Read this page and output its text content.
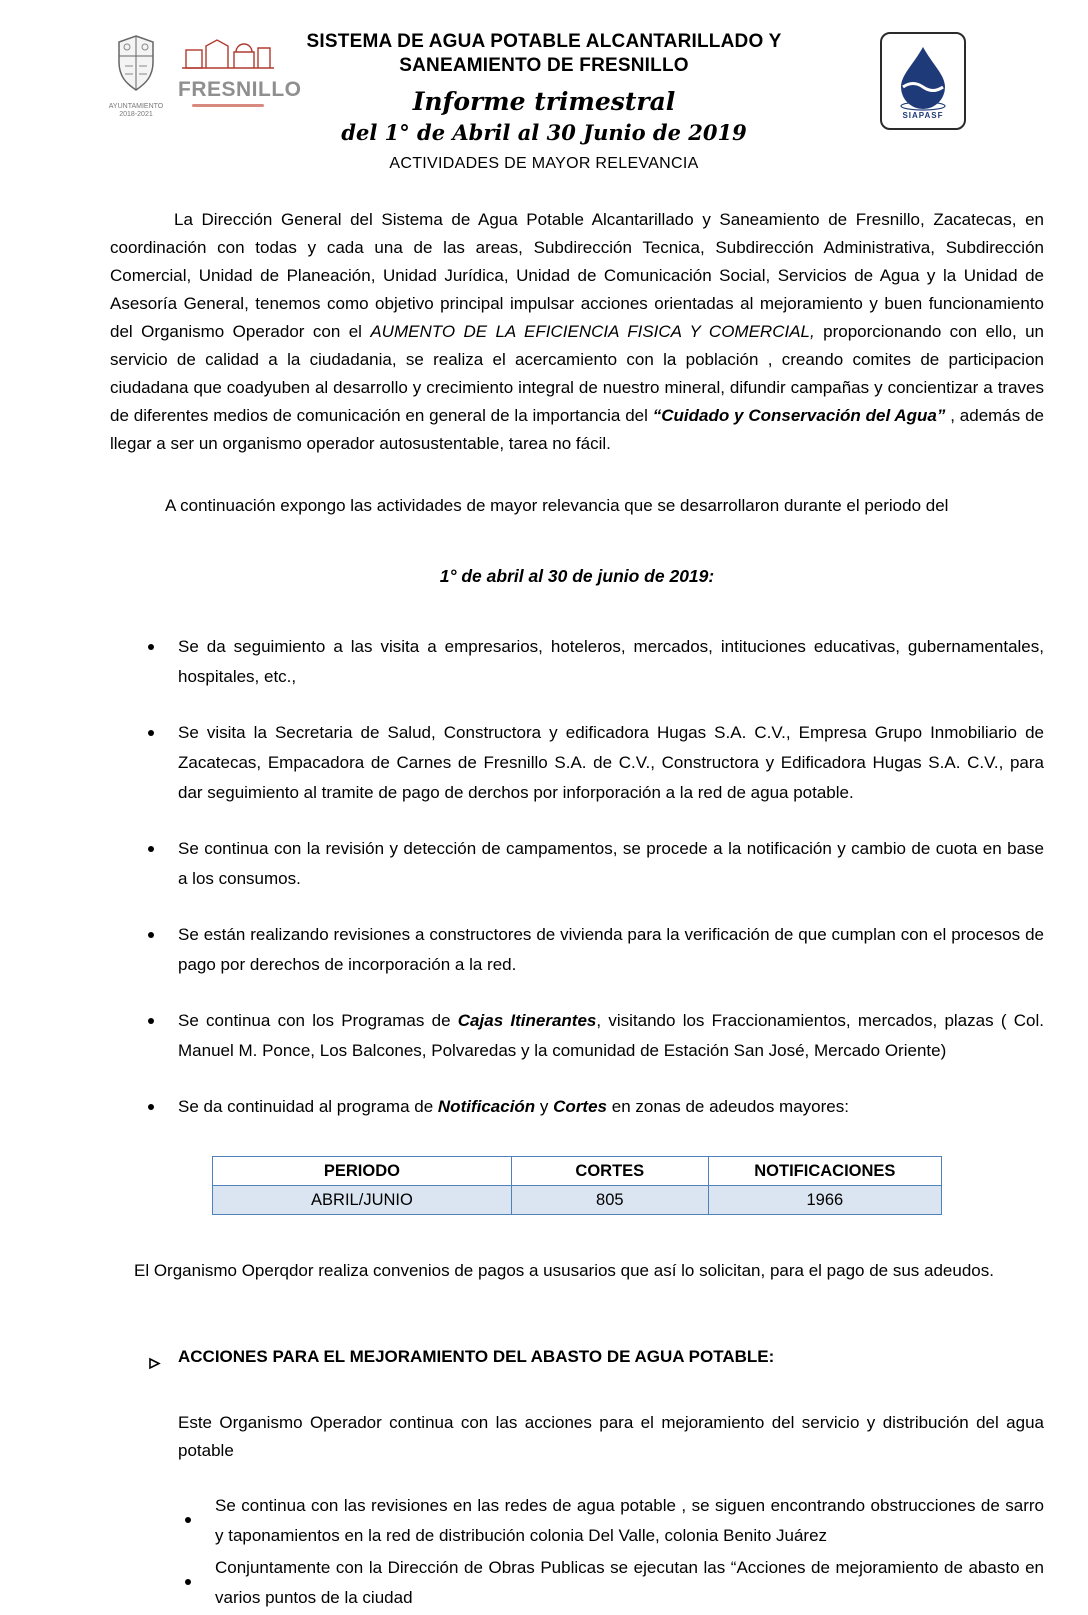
AYUNTAMIENTO
2018-2021
FRESNILLO
SISTEMA DE AGUA POTABLE ALCANTARILLADO Y
SANEAMIENTO DE FRESNILLO
Informe trimestral
del 1° de Abril al 30 Junio de 2019
ACTIVIDADES DE MAYOR RELEVANCIA
SIAPASF

La Dirección General del Sistema de Agua Potable Alcantarillado y Saneamiento de Fresnillo, Zacatecas, en coordinación con todas y cada una de las areas, Subdirección Tecnica, Subdirección Administrativa, Subdirección Comercial, Unidad de Planeación, Unidad Jurídica, Unidad de Comunicación Social, Servicios de Agua y la Unidad de Asesoría General, tenemos como objetivo principal impulsar acciones orientadas al mejoramiento y buen funcionamiento del Organismo Operador con el AUMENTO DE LA EFICIENCIA FISICA Y COMERCIAL, proporcionando con ello, un servicio de calidad a la ciudadania, se realiza el acercamiento con la población , creando comites de participacion ciudadana que coadyuben al desarrollo y crecimiento integral de nuestro mineral, difundir campañas y concientizar a traves de diferentes medios de comunicación en general de la importancia del “Cuidado y Conservación del Agua” , además de llegar a ser un organismo operador autosustentable, tarea no fácil.

A continuación expongo las actividades de mayor relevancia que se desarrollaron durante el periodo del

1° de abril al 30 de junio de 2019:
Se da seguimiento a las visita a empresarios, hoteleros, mercados, intituciones educativas, gubernamentales, hospitales, etc.,
Se visita la Secretaria de Salud, Constructora y edificadora Hugas S.A. C.V., Empresa Grupo Inmobiliario de Zacatecas, Empacadora de Carnes de Fresnillo S.A. de C.V., Constructora y Edificadora Hugas S.A. C.V., para dar seguimiento al tramite de pago de derchos por inforporación a la red de agua potable.
Se continua con la revisión y detección de campamentos, se procede a la notificación y cambio de cuota en base a los consumos.
Se están realizando revisiones a constructores de vivienda para la verificación de que cumplan con el procesos de pago por derechos de incorporación a la red.
Se continua con los Programas de Cajas Itinerantes, visitando los Fraccionamientos, mercados, plazas ( Col. Manuel M. Ponce, Los Balcones, Polvaredas y la comunidad de Estación San José, Mercado Oriente)
Se da continuidad al programa de Notificación y Cortes en zonas de adeudos mayores:
PERIODO	CORTES	NOTIFICACIONES
ABRIL/JUNIO	805	1966

El Organismo Operqdor realiza convenios de pagos a ususarios que así lo solicitan, para el pago de sus adeudos.

ACCIONES PARA EL MEJORAMIENTO DEL ABASTO DE AGUA POTABLE:

Este Organismo Operador continua con las acciones para el mejoramiento del servicio y distribución del agua potable

Se continua con las revisiones en las redes de agua potable , se siguen encontrando obstrucciones de sarro y taponamientos en la red de distribución colonia Del Valle, colonia Benito Juárez
Conjuntamente con la Dirección de Obras Publicas se ejecutan las “Acciones de mejoramiento de abasto en varios puntos de la ciudad
